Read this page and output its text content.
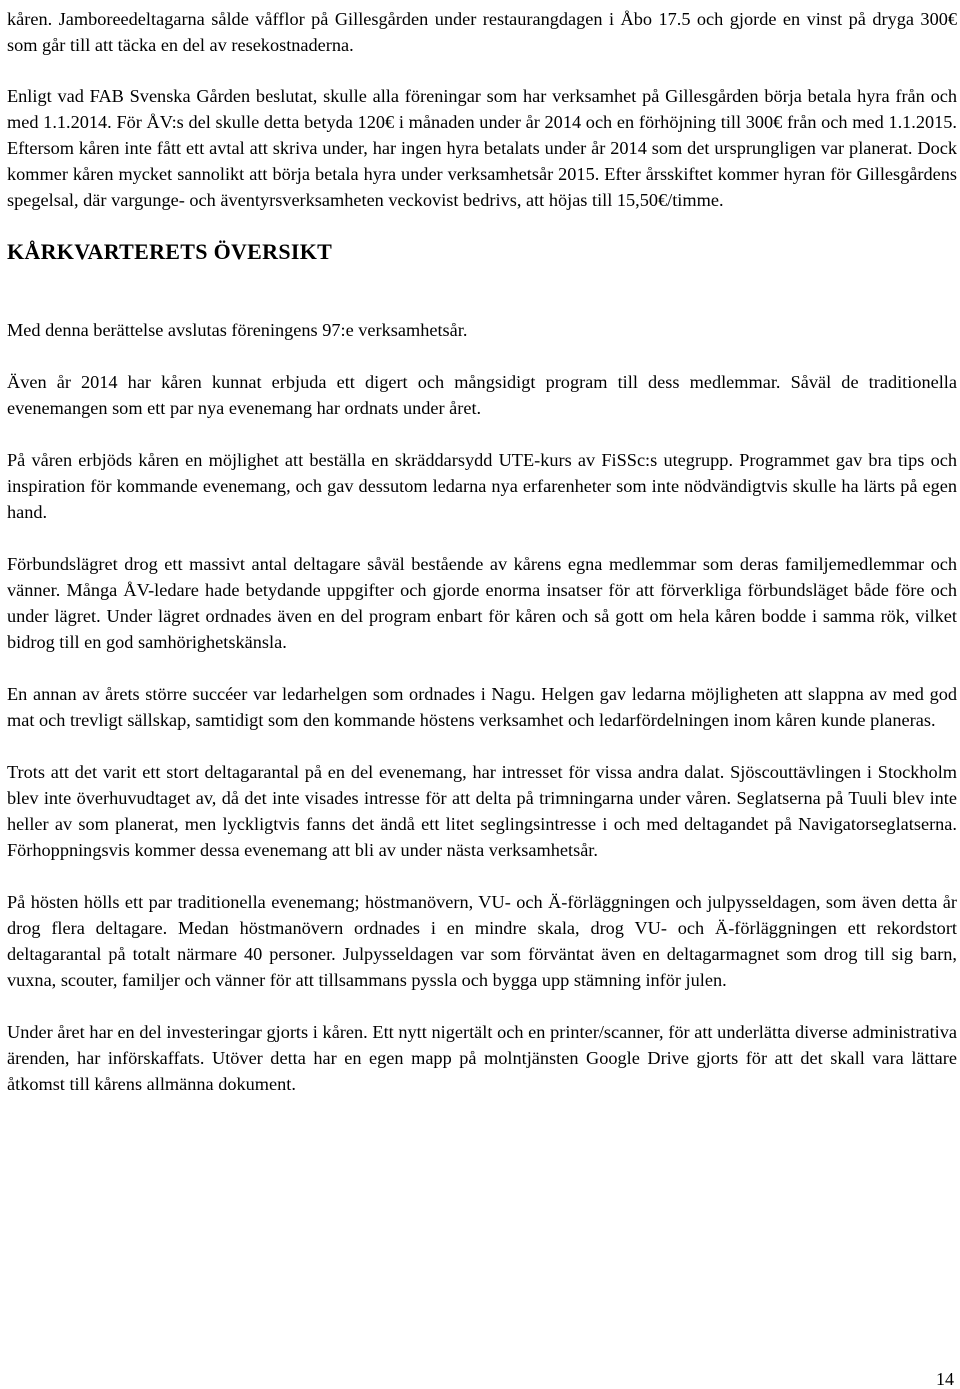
kåren. Jamboreedeltagarna sålde våfflor på Gillesgården under restaurangdagen i Åbo 17.5 och gjorde en vinst på dryga 300€ som går till att täcka en del av resekostnaderna.

Enligt vad FAB Svenska Gården beslutat, skulle alla föreningar som har verksamhet på Gillesgården börja betala hyra från och med 1.1.2014. För ÅV:s del skulle detta betyda 120€ i månaden under år 2014 och en förhöjning till 300€ från och med 1.1.2015. Eftersom kåren inte fått ett avtal att skriva under, har ingen hyra betalats under år 2014 som det ursprungligen var planerat. Dock kommer kåren mycket sannolikt att börja betala hyra under verksamhetsår 2015. Efter årsskiftet kommer hyran för Gillesgårdens spegelsal, där vargunge- och äventyrsverksamheten veckovist bedrivs, att höjas till 15,50€/timme.

KÅRKVARTERETS ÖVERSIKT

Med denna berättelse avslutas föreningens 97:e verksamhetsår.

Även år 2014 har kåren kunnat erbjuda ett digert och mångsidigt program till dess medlemmar. Såväl de traditionella evenemangen som ett par nya evenemang har ordnats under året.

På våren erbjöds kåren en möjlighet att beställa en skräddarsydd UTE-kurs av FiSSc:s utegrupp. Programmet gav bra tips och inspiration för kommande evenemang, och gav dessutom ledarna nya erfarenheter som inte nödvändigtvis skulle ha lärts på egen hand.

Förbundslägret drog ett massivt antal deltagare såväl bestående av kårens egna medlemmar som deras familjemedlemmar och vänner. Många ÅV-ledare hade betydande uppgifter och gjorde enorma insatser för att förverkliga förbundsläget både före och under lägret. Under lägret ordnades även en del program enbart för kåren och så gott om hela kåren bodde i samma rök, vilket bidrog till en god samhörighetskänsla.

En annan av årets större succéer var ledarhelgen som ordnades i Nagu. Helgen gav ledarna möjligheten att slappna av med god mat och trevligt sällskap, samtidigt som den kommande höstens verksamhet och ledarfördelningen inom kåren kunde planeras.

Trots att det varit ett stort deltagarantal på en del evenemang, har intresset för vissa andra dalat. Sjöscouttävlingen i Stockholm blev inte överhuvudtaget av, då det inte visades intresse för att delta på trimningarna under våren. Seglatserna på Tuuli blev inte heller av som planerat, men lyckligtvis fanns det ändå ett litet seglingsintresse i och med deltagandet på Navigatorseglatserna. Förhoppningsvis kommer dessa evenemang att bli av under nästa verksamhetsår.

På hösten hölls ett par traditionella evenemang; höstmanövern, VU- och Ä-förläggningen och julpysseldagen, som även detta år drog flera deltagare. Medan höstmanövern ordnades i en mindre skala, drog VU- och Ä-förläggningen ett rekordstort deltagarantal på totalt närmare 40 personer. Julpysseldagen var som förväntat även en deltagarmagnet som drog till sig barn, vuxna, scouter, familjer och vänner för att tillsammans pyssla och bygga upp stämning inför julen.

Under året har en del investeringar gjorts i kåren. Ett nytt nigertält och en printer/scanner, för att underlätta diverse administrativa ärenden, har införskaffats. Utöver detta har en egen mapp på molntjänsten Google Drive gjorts för att det skall vara lättare åtkomst till kårens allmänna dokument.

14
